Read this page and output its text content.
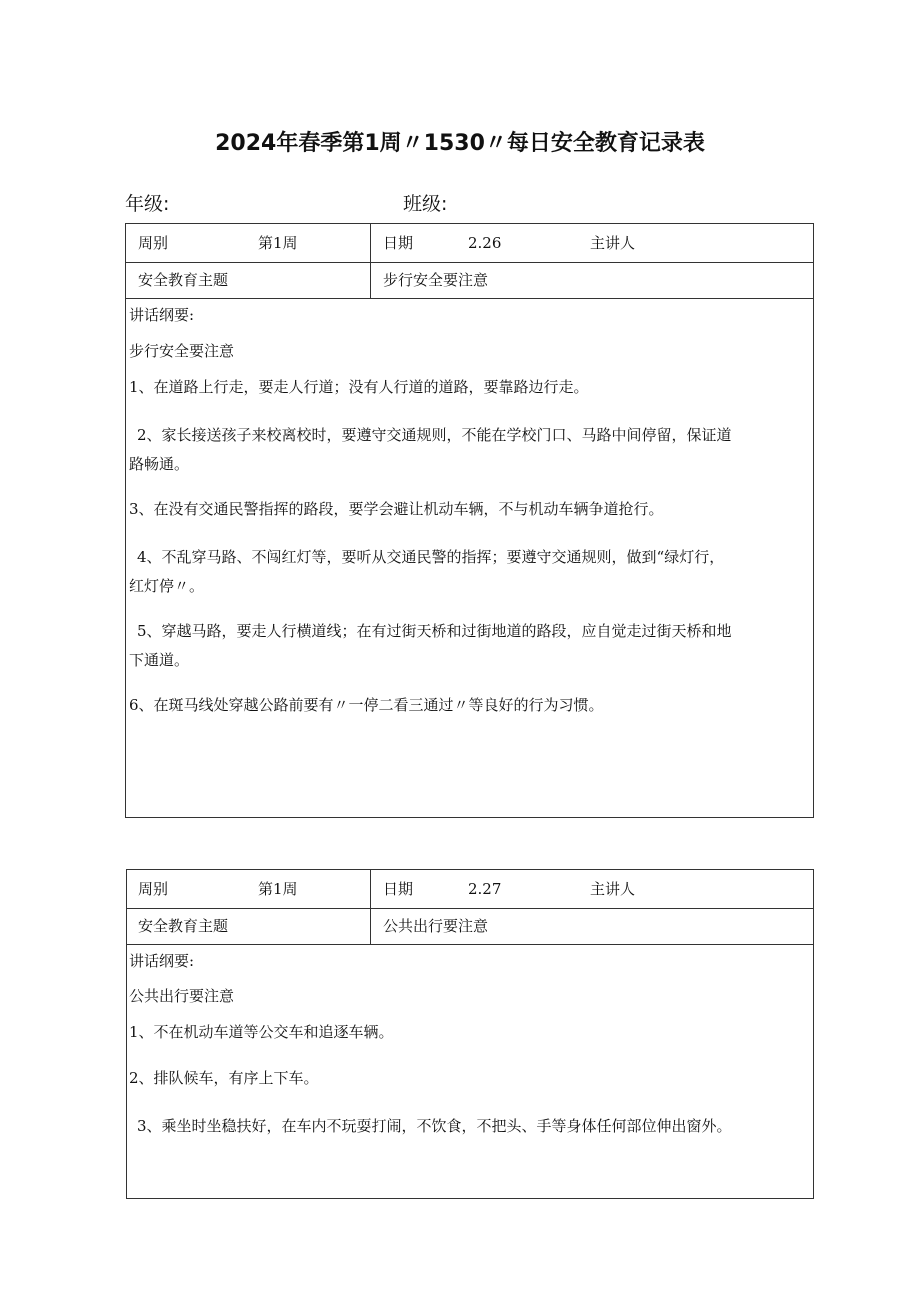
2024年春季第1周〃1530〃每日安全教育记录表
年级:	班级:
周别	第1周	日期	2.26	主讲人
安全教育主题	步行安全要注意
讲话纲要:
步行安全要注意
1、在道路上行走，要走人行道；没有人行道的道路，要靠路边行走。
2、家长接送孩子来校离校时，要遵守交通规则，不能在学校门口、马路中间停留，保证道
路畅通。
3、在没有交通民警指挥的路段，要学会避让机动车辆，不与机动车辆争道抢行。
4、不乱穿马路、不闯红灯等，要听从交通民警的指挥；要遵守交通规则，做到“绿灯行，
红灯停〃。
5、穿越马路，要走人行横道线；在有过街天桥和过街地道的路段，应自觉走过街天桥和地
下通道。
6、在斑马线处穿越公路前要有〃一停二看三通过〃等良好的行为习惯。
周别	第1周	日期	2.27	主讲人
安全教育主题	公共出行要注意
讲话纲要:
公共出行要注意
1、不在机动车道等公交车和追逐车辆。
2、排队候车，有序上下车。
3、乘坐时坐稳扶好，在车内不玩耍打闹，不饮食，不把头、手等身体任何部位伸出窗外。
